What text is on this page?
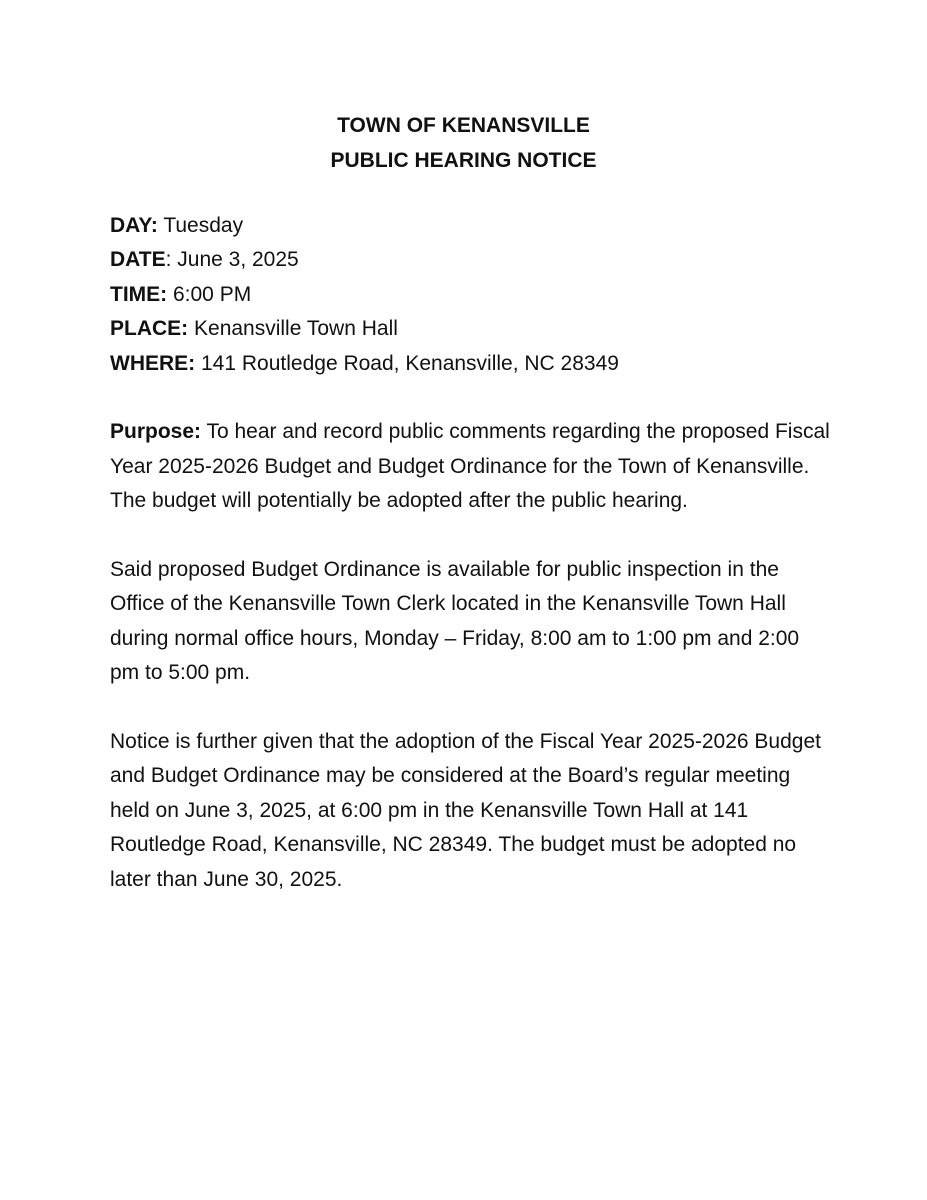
TOWN OF KENANSVILLE
PUBLIC HEARING NOTICE
DAY: Tuesday
DATE: June 3, 2025
TIME: 6:00 PM
PLACE: Kenansville Town Hall
WHERE: 141 Routledge Road, Kenansville, NC 28349

Purpose: To hear and record public comments regarding the proposed Fiscal Year 2025-2026 Budget and Budget Ordinance for the Town of Kenansville. The budget will potentially be adopted after the public hearing.

Said proposed Budget Ordinance is available for public inspection in the Office of the Kenansville Town Clerk located in the Kenansville Town Hall during normal office hours, Monday – Friday, 8:00 am to 1:00 pm and 2:00 pm to 5:00 pm.

Notice is further given that the adoption of the Fiscal Year 2025-2026 Budget and Budget Ordinance may be considered at the Board’s regular meeting held on June 3, 2025, at 6:00 pm in the Kenansville Town Hall at 141 Routledge Road, Kenansville, NC 28349. The budget must be adopted no later than June 30, 2025.
